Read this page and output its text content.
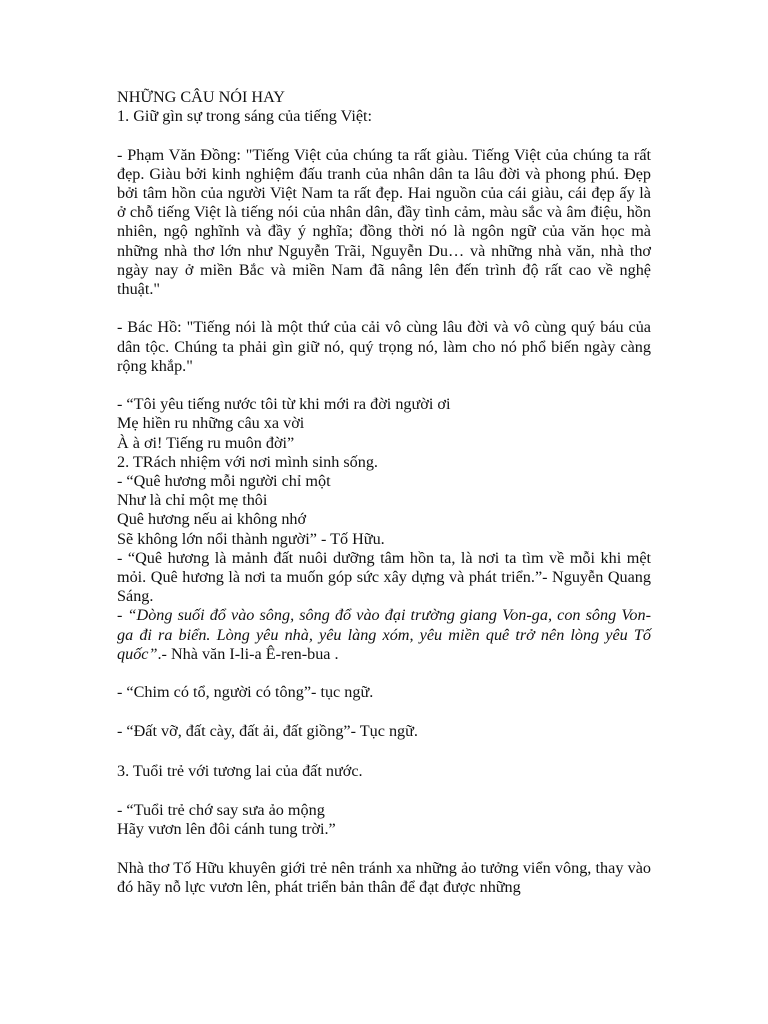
NHỮNG CÂU NÓI HAY
1. Giữ gìn sự trong sáng của tiếng Việt:
- Phạm Văn Đồng: "Tiếng Việt của chúng ta rất giàu. Tiếng Việt của chúng ta rất đẹp. Giàu bởi kinh nghiệm đấu tranh của nhân dân ta lâu đời và phong phú. Đẹp bởi tâm hồn của người Việt Nam ta rất đẹp. Hai nguồn của cái giàu, cái đẹp ấy là ở chỗ tiếng Việt là tiếng nói của nhân dân, đầy tình cảm, màu sắc và âm điệu, hồn nhiên, ngộ nghĩnh và đầy ý nghĩa; đồng thời nó là ngôn ngữ của văn học mà những nhà thơ lớn như Nguyễn Trãi, Nguyễn Du… và những nhà văn, nhà thơ ngày nay ở miền Bắc và miền Nam đã nâng lên đến trình độ rất cao về nghệ thuật."
- Bác Hồ: "Tiếng nói là một thứ của cải vô cùng lâu đời và vô cùng quý báu của dân tộc. Chúng ta phải gìn giữ nó, quý trọng nó, làm cho nó phổ biến ngày càng rộng khắp."
- “Tôi yêu tiếng nước tôi từ khi mới ra đời người ơi
Mẹ hiền ru những câu xa vời
À à ơi! Tiếng ru muôn đời”
2. TRách nhiệm với nơi mình sinh sống.
- “Quê hương mỗi người chỉ một
Như là chỉ một mẹ thôi
Quê hương nếu ai không nhớ
Sẽ không lớn nổi thành người” - Tố Hữu.
- “Quê hương là mảnh đất nuôi dưỡng tâm hồn ta, là nơi ta tìm về mỗi khi mệt mỏi. Quê hương là nơi ta muốn góp sức xây dựng và phát triển.”- Nguyễn Quang Sáng.
- “Dòng suối đổ vào sông, sông đổ vào đại trường giang Von-ga, con sông Von-ga đi ra biển. Lòng yêu nhà, yêu làng xóm, yêu miền quê trở nên lòng yêu Tố quốc”.- Nhà văn I-li-a Ê-ren-bua .
- “Chim có tổ, người có tông”- tục ngữ.
- “Đất vỡ, đất cày, đất ải, đất giồng”- Tục ngữ.
3. Tuổi trẻ với tương lai của đất nước.
- “Tuổi trẻ chớ say sưa ảo mộng
Hãy vươn lên đôi cánh tung trời.”
Nhà thơ Tố Hữu khuyên giới trẻ nên tránh xa những ảo tưởng viển vông, thay vào đó hãy nỗ lực vươn lên, phát triển bản thân để đạt được những
